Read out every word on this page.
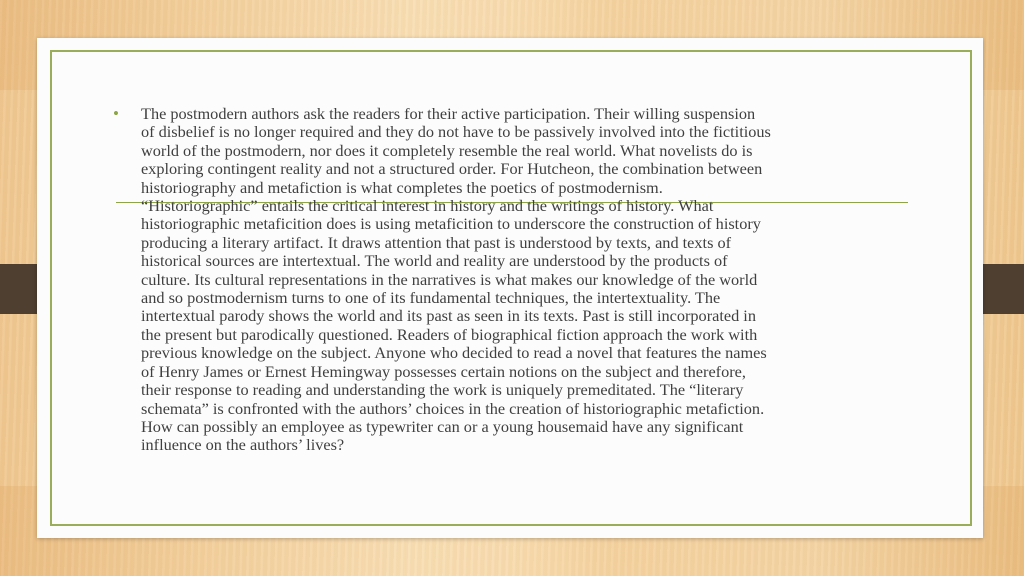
• The postmodern authors ask the readers for their active participation. Their willing suspension
of disbelief is no longer required and they do not have to be passively involved into the fictitious
world of the postmodern, nor does it completely resemble the real world. What novelists do is
exploring contingent reality and not a structured order. For Hutcheon, the combination between
historiography and metafiction is what completes the poetics of postmodernism.
“Historiographic” entails the critical interest in history and the writings of history. What
historiographic metaficition does is using metaficition to underscore the construction of history
producing a literary artifact. It draws attention that past is understood by texts, and texts of
historical sources are intertextual. The world and reality are understood by the products of
culture. Its cultural representations in the narratives is what makes our knowledge of the world
and so postmodernism turns to one of its fundamental techniques, the intertextuality. The
intertextual parody shows the world and its past as seen in its texts. Past is still incorporated in
the present but parodically questioned. Readers of biographical fiction approach the work with
previous knowledge on the subject. Anyone who decided to read a novel that features the names
of Henry James or Ernest Hemingway possesses certain notions on the subject and therefore,
their response to reading and understanding the work is uniquely premeditated. The “literary
schemata” is confronted with the authors’ choices in the creation of historiographic metafiction.
How can possibly an employee as typewriter can or a young housemaid have any significant
influence on the authors’ lives?
